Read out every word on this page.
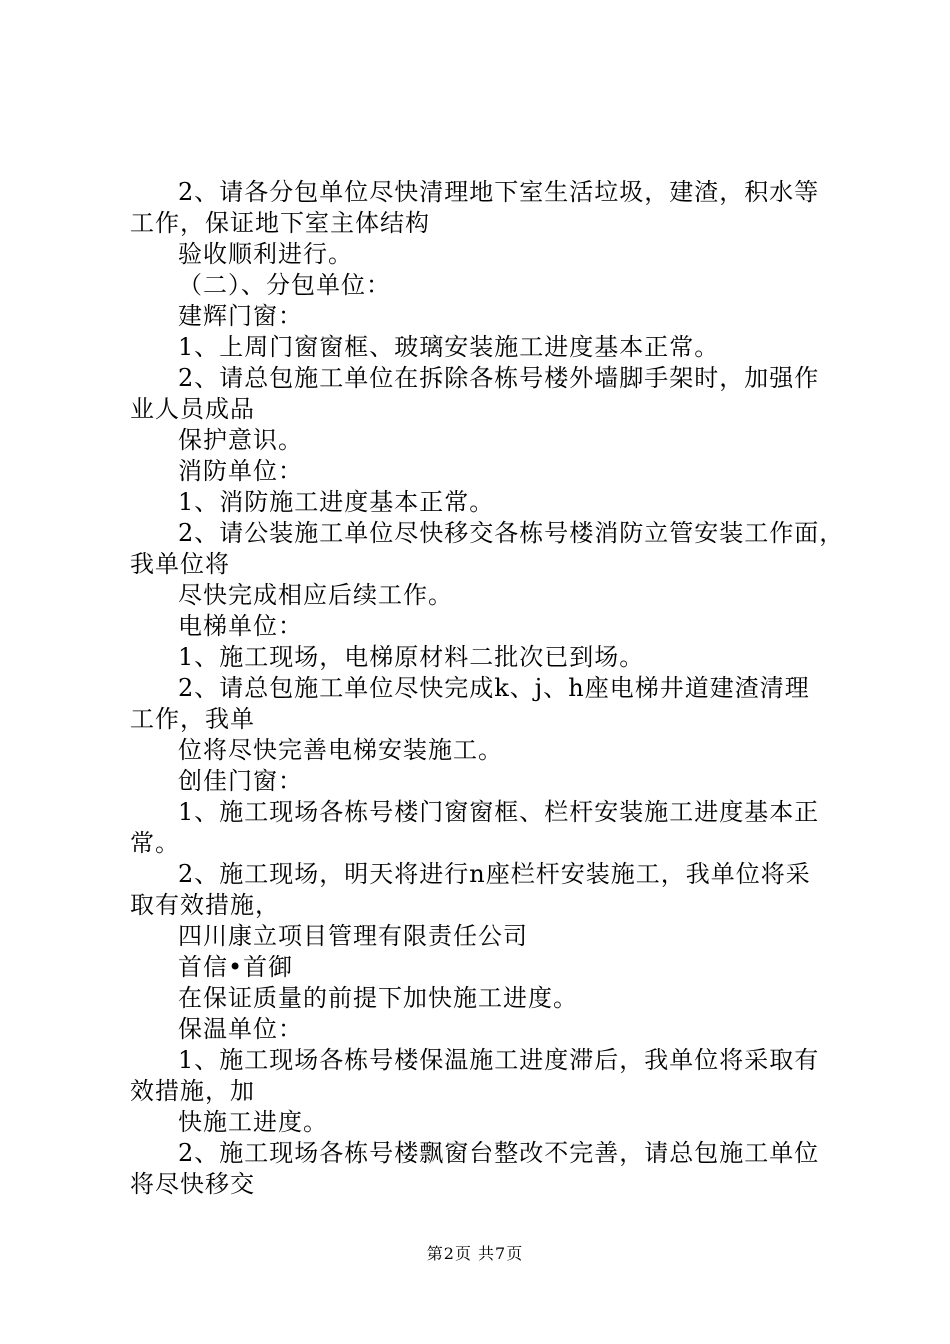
2、请各分包单位尽快清理地下室生活垃圾，建渣，积水等
工作，保证地下室主体结构
验收顺利进行。
（二）、分包单位：
建辉门窗：
1、上周门窗窗框、玻璃安装施工进度基本正常。
2、请总包施工单位在拆除各栋号楼外墙脚手架时，加强作
业人员成品
保护意识。
消防单位：
1、消防施工进度基本正常。
2、请公装施工单位尽快移交各栋号楼消防立管安装工作面，
我单位将
尽快完成相应后续工作。
电梯单位：
1、施工现场，电梯原材料二批次已到场。
2、请总包施工单位尽快完成k、j、h座电梯井道建渣清理
工作，我单
位将尽快完善电梯安装施工。
创佳门窗：
1、施工现场各栋号楼门窗窗框、栏杆安装施工进度基本正
常。
2、施工现场，明天将进行n座栏杆安装施工，我单位将采
取有效措施，
四川康立项目管理有限责任公司
首信•首御
在保证质量的前提下加快施工进度。
保温单位：
1、施工现场各栋号楼保温施工进度滞后，我单位将采取有
效措施，加
快施工进度。
2、施工现场各栋号楼飘窗台整改不完善，请总包施工单位
将尽快移交
第2页 共7页
